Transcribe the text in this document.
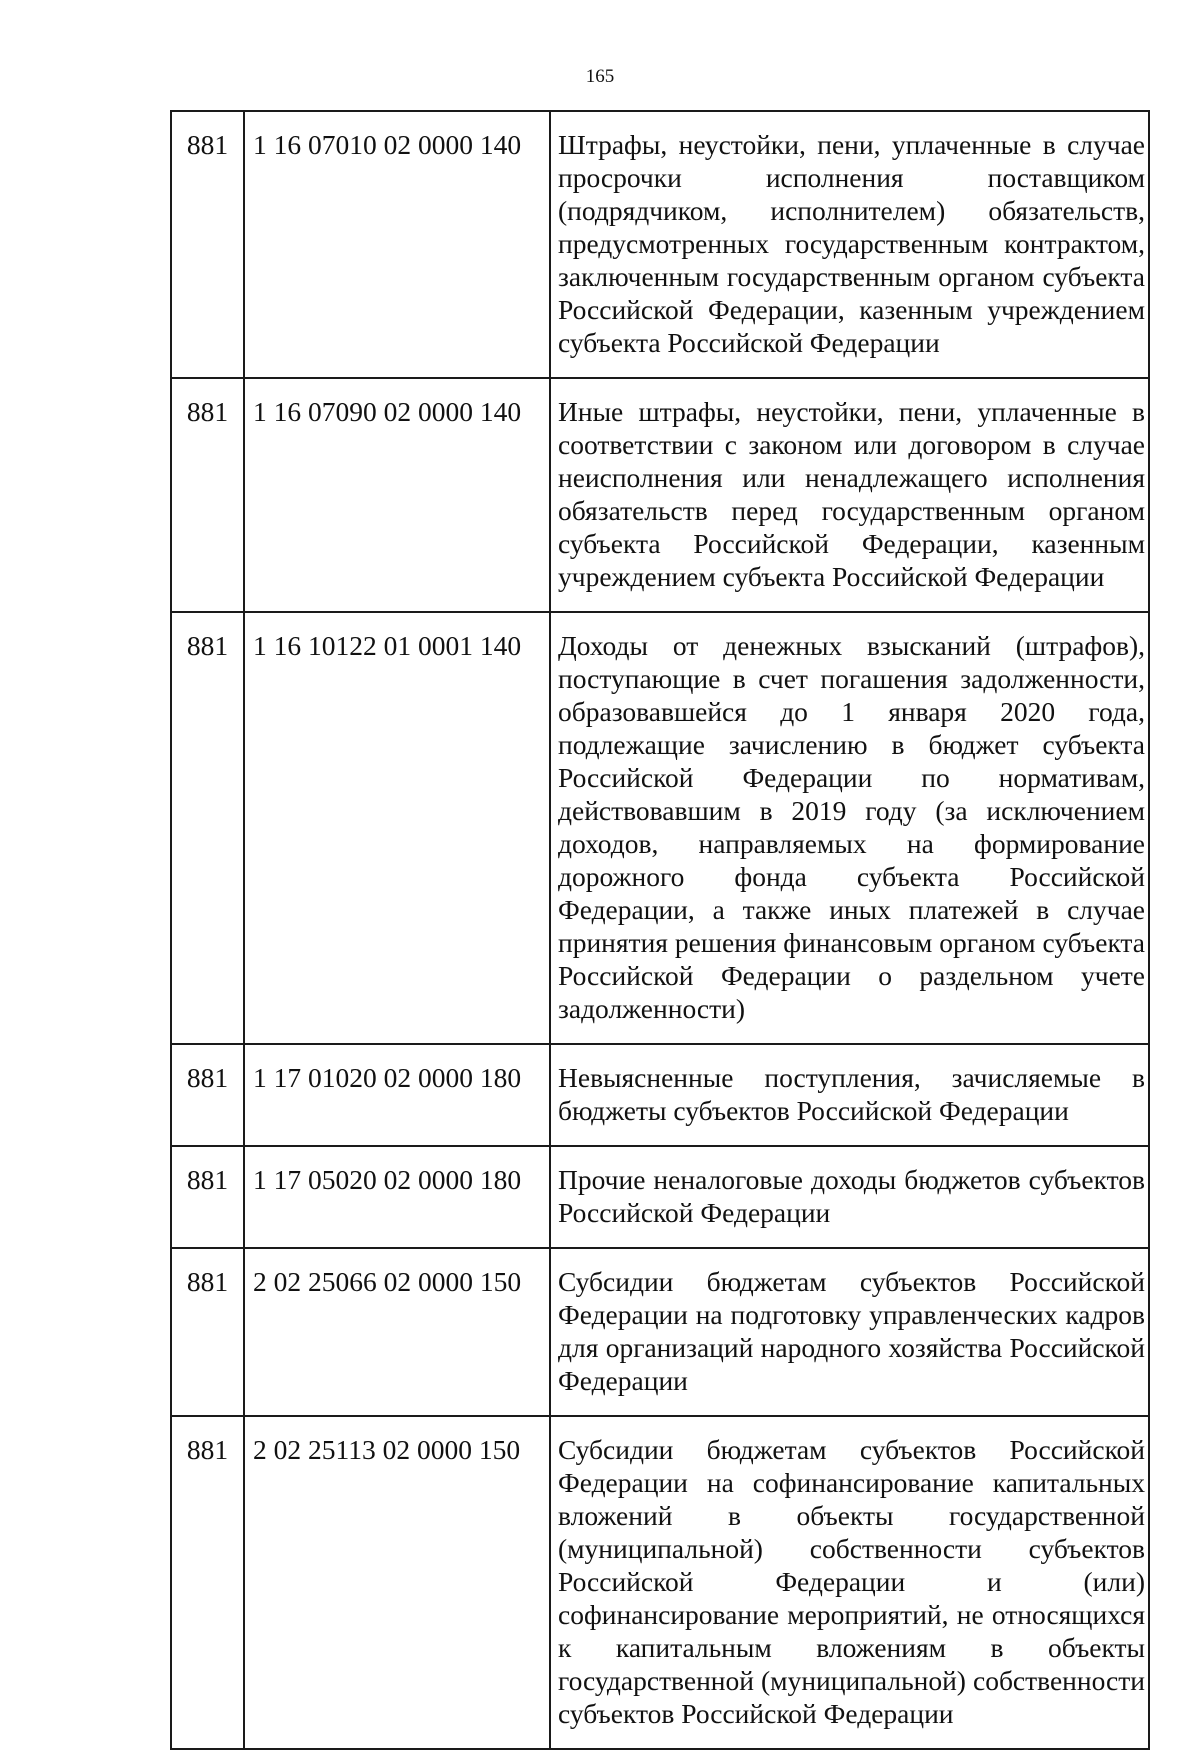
165
881	1 16 07010 02 0000 140	Штрафы, неустойки, пени, уплаченные в случае просрочки исполнения поставщиком (подрядчиком, исполнителем) обязательств, предусмотренных государственным контрактом, заключенным государственным органом субъекта Российской Федерации, казенным учреждением субъекта Российской Федерации
881	1 16 07090 02 0000 140	Иные штрафы, неустойки, пени, уплаченные в соответствии с законом или договором в случае неисполнения или ненадлежащего исполнения обязательств перед государственным органом субъекта Российской Федерации, казенным учреждением субъекта Российской Федерации
881	1 16 10122 01 0001 140	Доходы от денежных взысканий (штрафов), поступающие в счет погашения задолженности, образовавшейся до 1 января 2020 года, подлежащие зачислению в бюджет субъекта Российской Федерации по нормативам, действовавшим в 2019 году (за исключением доходов, направляемых на формирование дорожного фонда субъекта Российской Федерации, а также иных платежей в случае принятия решения финансовым органом субъекта Российской Федерации о раздельном учете задолженности)
881	1 17 01020 02 0000 180	Невыясненные поступления, зачисляемые в бюджеты субъектов Российской Федерации
881	1 17 05020 02 0000 180	Прочие неналоговые доходы бюджетов субъектов Российской Федерации
881	2 02 25066 02 0000 150	Субсидии бюджетам субъектов Российской Федерации на подготовку управленческих кадров для организаций народного хозяйства Российской Федерации
881	2 02 25113 02 0000 150	Субсидии бюджетам субъектов Российской Федерации на софинансирование капитальных вложений в объекты государственной (муниципальной) собственности субъектов Российской Федерации и (или) софинансирование мероприятий, не относящихся к капитальным вложениям в объекты государственной (муниципальной) собственности субъектов Российской Федерации
